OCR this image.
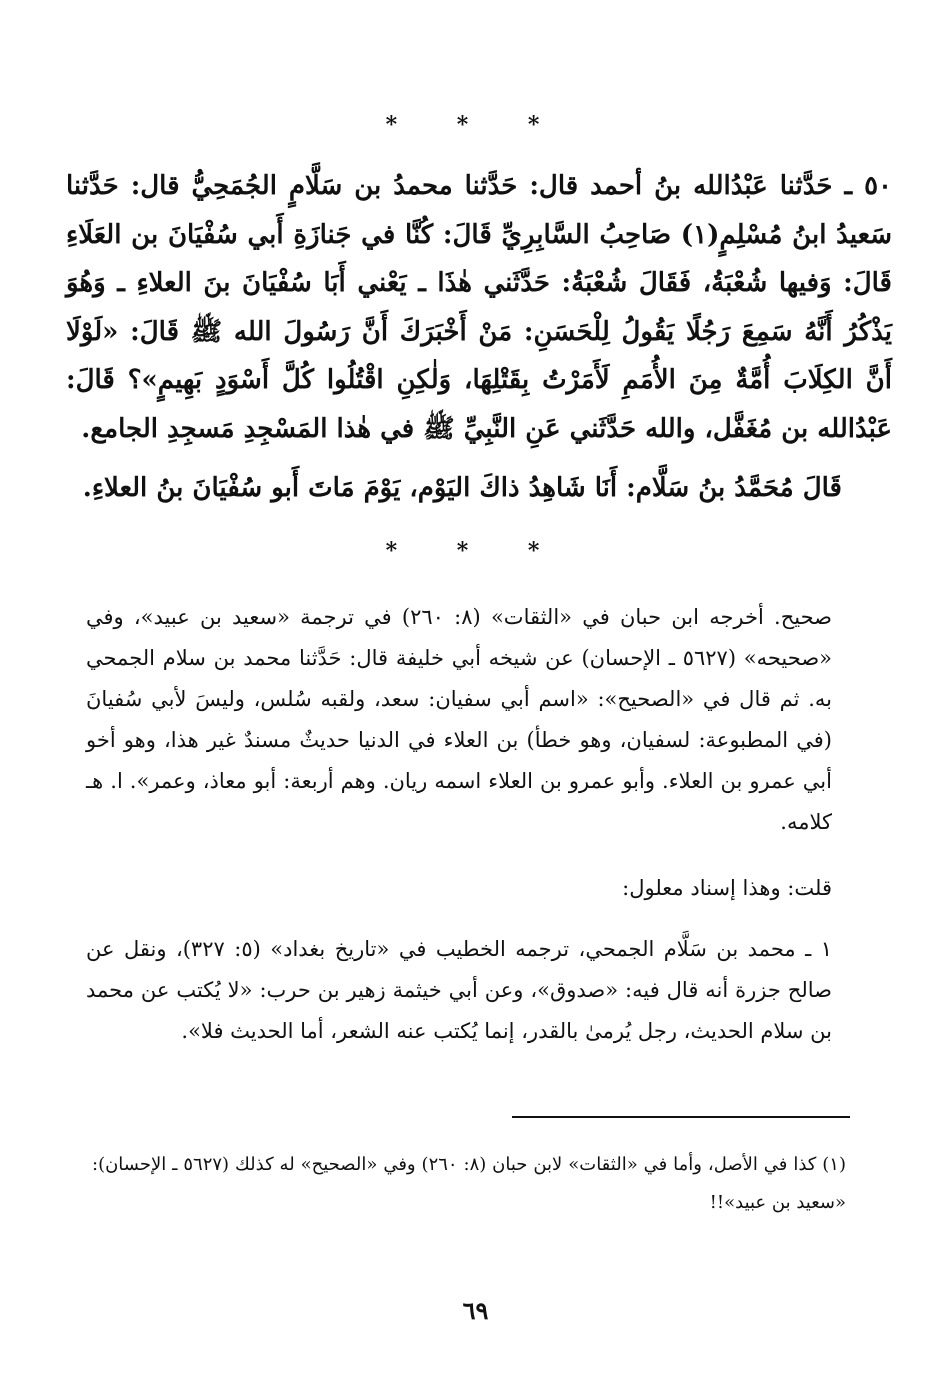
* * *
٥٠ ـ حَدَّثنا عَبْدُالله بنُ أحمد قال: حَدَّثنا محمدُ بن سَلَّامٍ الجُمَحِيُّ قال: حَدَّثنا سَعيدُ ابنُ مُسْلِمٍ(١) صَاحِبُ السَّابِرِيِّ قَالَ: كُنَّا في جَنازَةِ أَبي سُفْيَانَ بن العَلَاءِ قَالَ: وَفيها شُعْبَةُ، فَقَالَ شُعْبَةُ: حَدَّثَني هٰذَا ـ يَعْني أَبَا سُفْيَانَ بنَ العلاءِ ـ وَهُوَ يَذْكُرُ أَنَّهُ سَمِعَ رَجُلًا يَقُولُ لِلْحَسَنِ: مَنْ أَخْبَرَكَ أَنَّ رَسُولَ الله ﷺ قَالَ: «لَوْلَا أَنَّ الكِلَابَ أُمَّةٌ مِنَ الأُمَمِ لَأَمَرْتُ بِقَتْلِهَا، وَلٰكِنِ اقْتُلُوا كُلَّ أَسْوَدٍ بَهِيمٍ»؟ قَالَ: عَبْدُالله بن مُغَفَّل، والله حَدَّثَني عَنِ النَّبِيِّ ﷺ في هٰذا المَسْجِدِ مَسجِدِ الجامع.
قَالَ مُحَمَّدُ بنُ سَلَّام: أَنَا شَاهِدُ ذاكَ اليَوْم، يَوْمَ مَاتَ أَبو سُفْيَانَ بنُ العلاءِ.
* * *
صحيح. أخرجه ابن حبان في «الثقات» (٨: ٢٦٠) في ترجمة «سعيد بن عبيد»، وفي «صحيحه» (٥٦٢٧ ـ الإحسان) عن شيخه أبي خليفة قال: حَدَّثنا محمد بن سلام الجمحي به. ثم قال في «الصحيح»: «اسم أبي سفيان: سعد، ولقبه سُلس، وليسَ لأبي سُفيانَ (في المطبوعة: لسفيان، وهو خطأ) بن العلاء في الدنيا حديثٌ مسندٌ غير هذا، وهو أخو أبي عمرو بن العلاء. وأبو عمرو بن العلاء اسمه ريان. وهم أربعة: أبو معاذ، وعمر». ا. هـ كلامه.
قلت: وهذا إسناد معلول:
١ ـ محمد بن سَلَّام الجمحي، ترجمه الخطيب في «تاريخ بغداد» (٥: ٣٢٧)، ونقل عن صالح جزرة أنه قال فيه: «صدوق»، وعن أبي خيثمة زهير بن حرب: «لا يُكتب عن محمد بن سلام الحديث، رجل يُرمىٰ بالقدر، إنما يُكتب عنه الشعر، أما الحديث فلا».
(١) كذا في الأصل، وأما في «الثقات» لابن حبان (٨: ٢٦٠) وفي «الصحيح» له كذلك (٥٦٢٧ ـ الإحسان): «سعيد بن عبيد»!!
٦٩
